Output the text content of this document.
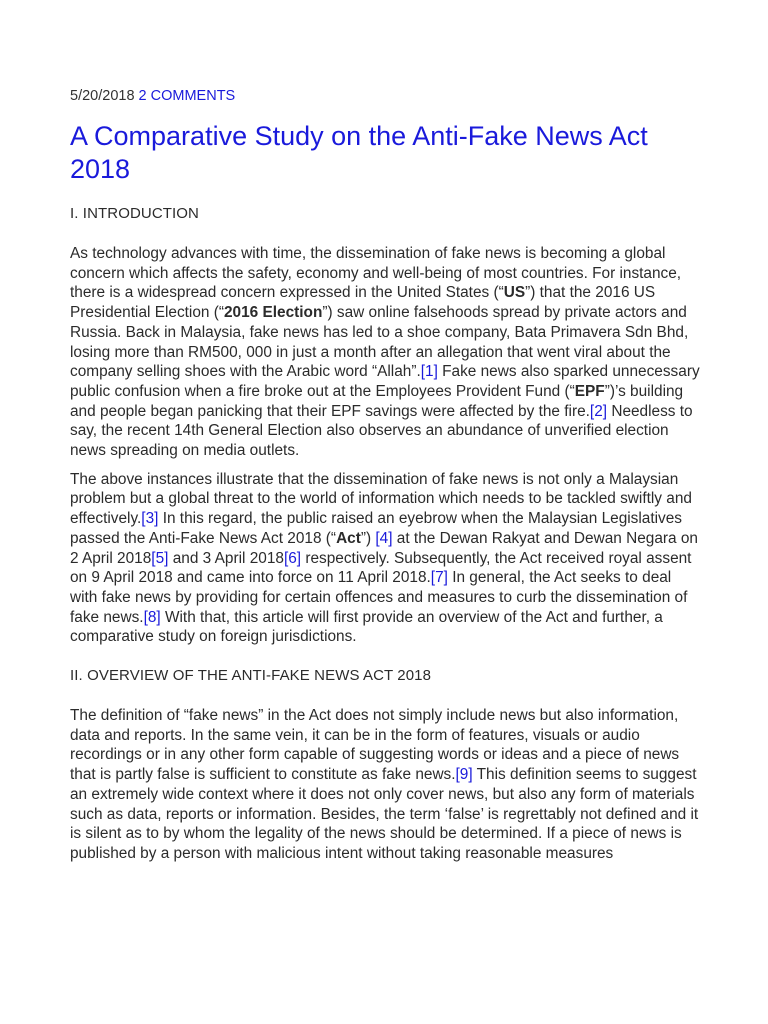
5/20/2018 2 COMMENTS
A Comparative Study on the Anti-Fake News Act 2018
I. INTRODUCTION

As technology advances with time, the dissemination of fake news is becoming a global concern which affects the safety, economy and well-being of most countries. For instance, there is a widespread concern expressed in the United States (“US”) that the 2016 US Presidential Election (“2016 Election”) saw online falsehoods spread by private actors and Russia. Back in Malaysia, fake news has led to a shoe company, Bata Primavera Sdn Bhd, losing more than RM500, 000 in just a month after an allegation that went viral about the company selling shoes with the Arabic word “Allah”.[1] Fake news also sparked unnecessary public confusion when a fire broke out at the Employees Provident Fund (“EPF”)’s building and people began panicking that their EPF savings were affected by the fire.[2] Needless to say, the recent 14th General Election also observes an abundance of unverified election news spreading on media outlets.

The above instances illustrate that the dissemination of fake news is not only a Malaysian problem but a global threat to the world of information which needs to be tackled swiftly and effectively.[3] In this regard, the public raised an eyebrow when the Malaysian Legislatives passed the Anti-Fake News Act 2018 (“Act”) [4] at the Dewan Rakyat and Dewan Negara on 2 April 2018[5] and 3 April 2018[6] respectively. Subsequently, the Act received royal assent on 9 April 2018 and came into force on 11 April 2018.[7] In general, the Act seeks to deal with fake news by providing for certain offences and measures to curb the dissemination of fake news.[8] With that, this article will first provide an overview of the Act and further, a comparative study on foreign jurisdictions.

II. OVERVIEW OF THE ANTI-FAKE NEWS ACT 2018

The definition of “fake news” in the Act does not simply include news but also information, data and reports. In the same vein, it can be in the form of features, visuals or audio recordings or in any other form capable of suggesting words or ideas and a piece of news that is partly false is sufficient to constitute as fake news.[9] This definition seems to suggest an extremely wide context where it does not only cover news, but also any form of materials such as data, reports or information. Besides, the term ‘false’ is regrettably not defined and it is silent as to by whom the legality of the news should be determined. If a piece of news is published by a person with malicious intent without taking reasonable measures
